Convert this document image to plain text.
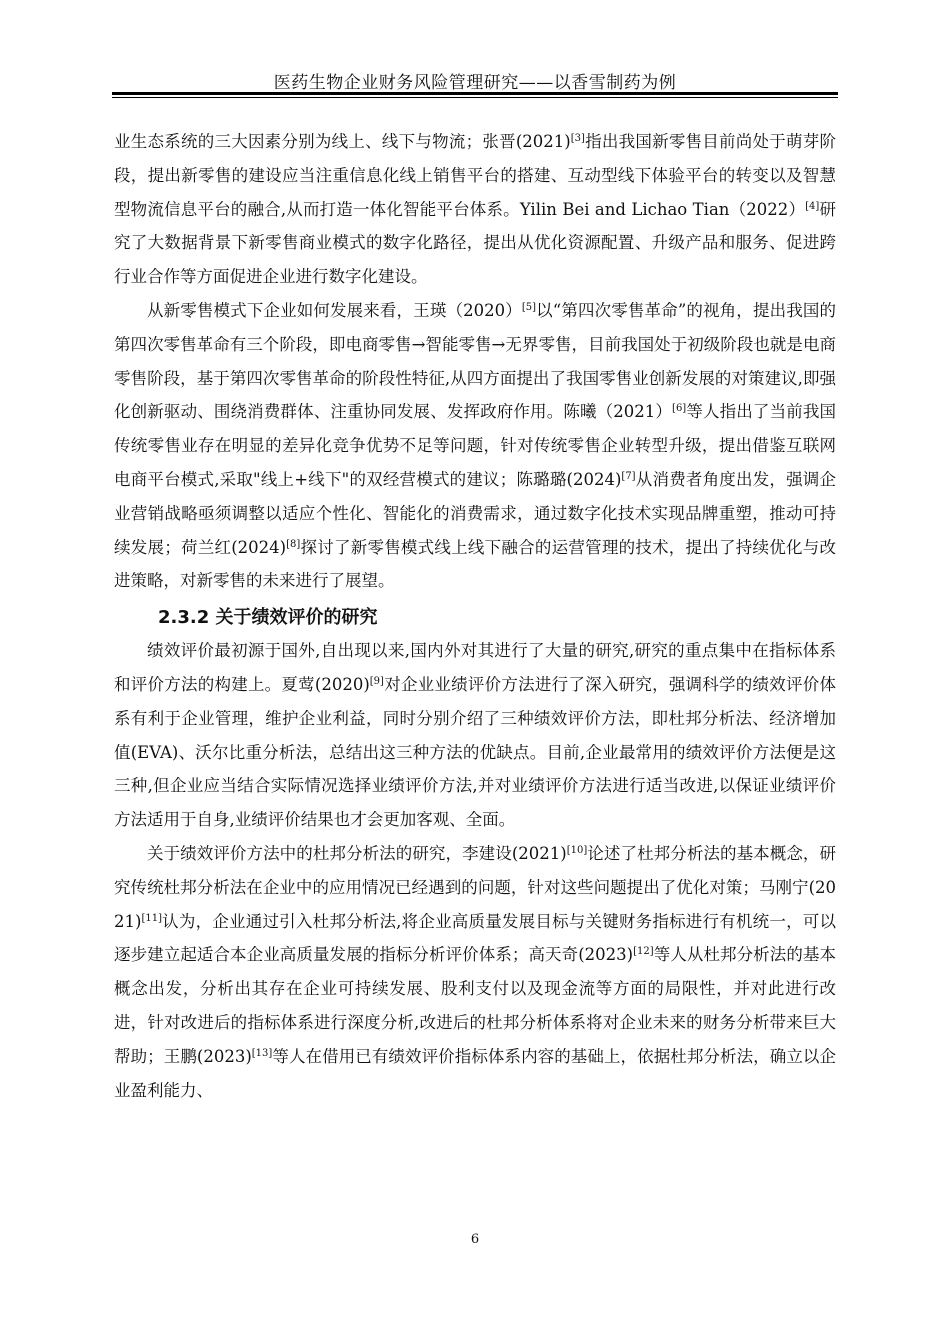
医药生物企业财务风险管理研究——以香雪制药为例

业生态系统的三大因素分别为线上、线下与物流；张晋(2021)[3]指出我国新零售目前尚处于萌芽阶段，提出新零售的建设应当注重信息化线上销售平台的搭建、互动型线下体验平台的转变以及智慧型物流信息平台的融合,从而打造一体化智能平台体系。Yilin Bei and Lichao Tian（2022）[4]研究了大数据背景下新零售商业模式的数字化路径，提出从优化资源配置、升级产品和服务、促进跨行业合作等方面促进企业进行数字化建设。

从新零售模式下企业如何发展来看，王瑛（2020）[5]以“第四次零售革命”的视角，提出我国的第四次零售革命有三个阶段，即电商零售→智能零售→无界零售，目前我国处于初级阶段也就是电商零售阶段，基于第四次零售革命的阶段性特征,从四方面提出了我国零售业创新发展的对策建议,即强化创新驱动、围绕消费群体、注重协同发展、发挥政府作用。陈曦（2021）[6]等人指出了当前我国传统零售业存在明显的差异化竞争优势不足等问题，针对传统零售企业转型升级，提出借鉴互联网电商平台模式,采取"线上+线下"的双经营模式的建议；陈璐璐(2024)[7]从消费者角度出发，强调企业营销战略亟须调整以适应个性化、智能化的消费需求，通过数字化技术实现品牌重塑，推动可持续发展；荷兰红(2024)[8]探讨了新零售模式线上线下融合的运营管理的技术，提出了持续优化与改进策略，对新零售的未来进行了展望。

2.3.2 关于绩效评价的研究

绩效评价最初源于国外,自出现以来,国内外对其进行了大量的研究,研究的重点集中在指标体系和评价方法的构建上。夏莺(2020)[9]对企业业绩评价方法进行了深入研究，强调科学的绩效评价体系有利于企业管理，维护企业利益，同时分别介绍了三种绩效评价方法，即杜邦分析法、经济增加值(EVA)、沃尔比重分析法，总结出这三种方法的优缺点。目前,企业最常用的绩效评价方法便是这三种,但企业应当结合实际情况选择业绩评价方法,并对业绩评价方法进行适当改进,以保证业绩评价方法适用于自身,业绩评价结果也才会更加客观、全面。

关于绩效评价方法中的杜邦分析法的研究，李建设(2021)[10]论述了杜邦分析法的基本概念，研究传统杜邦分析法在企业中的应用情况已经遇到的问题，针对这些问题提出了优化对策；马刚宁(2021)[11]认为，企业通过引入杜邦分析法,将企业高质量发展目标与关键财务指标进行有机统一，可以逐步建立起适合本企业高质量发展的指标分析评价体系；高天奇(2023)[12]等人从杜邦分析法的基本概念出发，分析出其存在企业可持续发展、股利支付以及现金流等方面的局限性，并对此进行改进，针对改进后的指标体系进行深度分析,改进后的杜邦分析体系将对企业未来的财务分析带来巨大帮助；王鹏(2023)[13]等人在借用已有绩效评价指标体系内容的基础上，依据杜邦分析法，确立以企业盈利能力、

6
